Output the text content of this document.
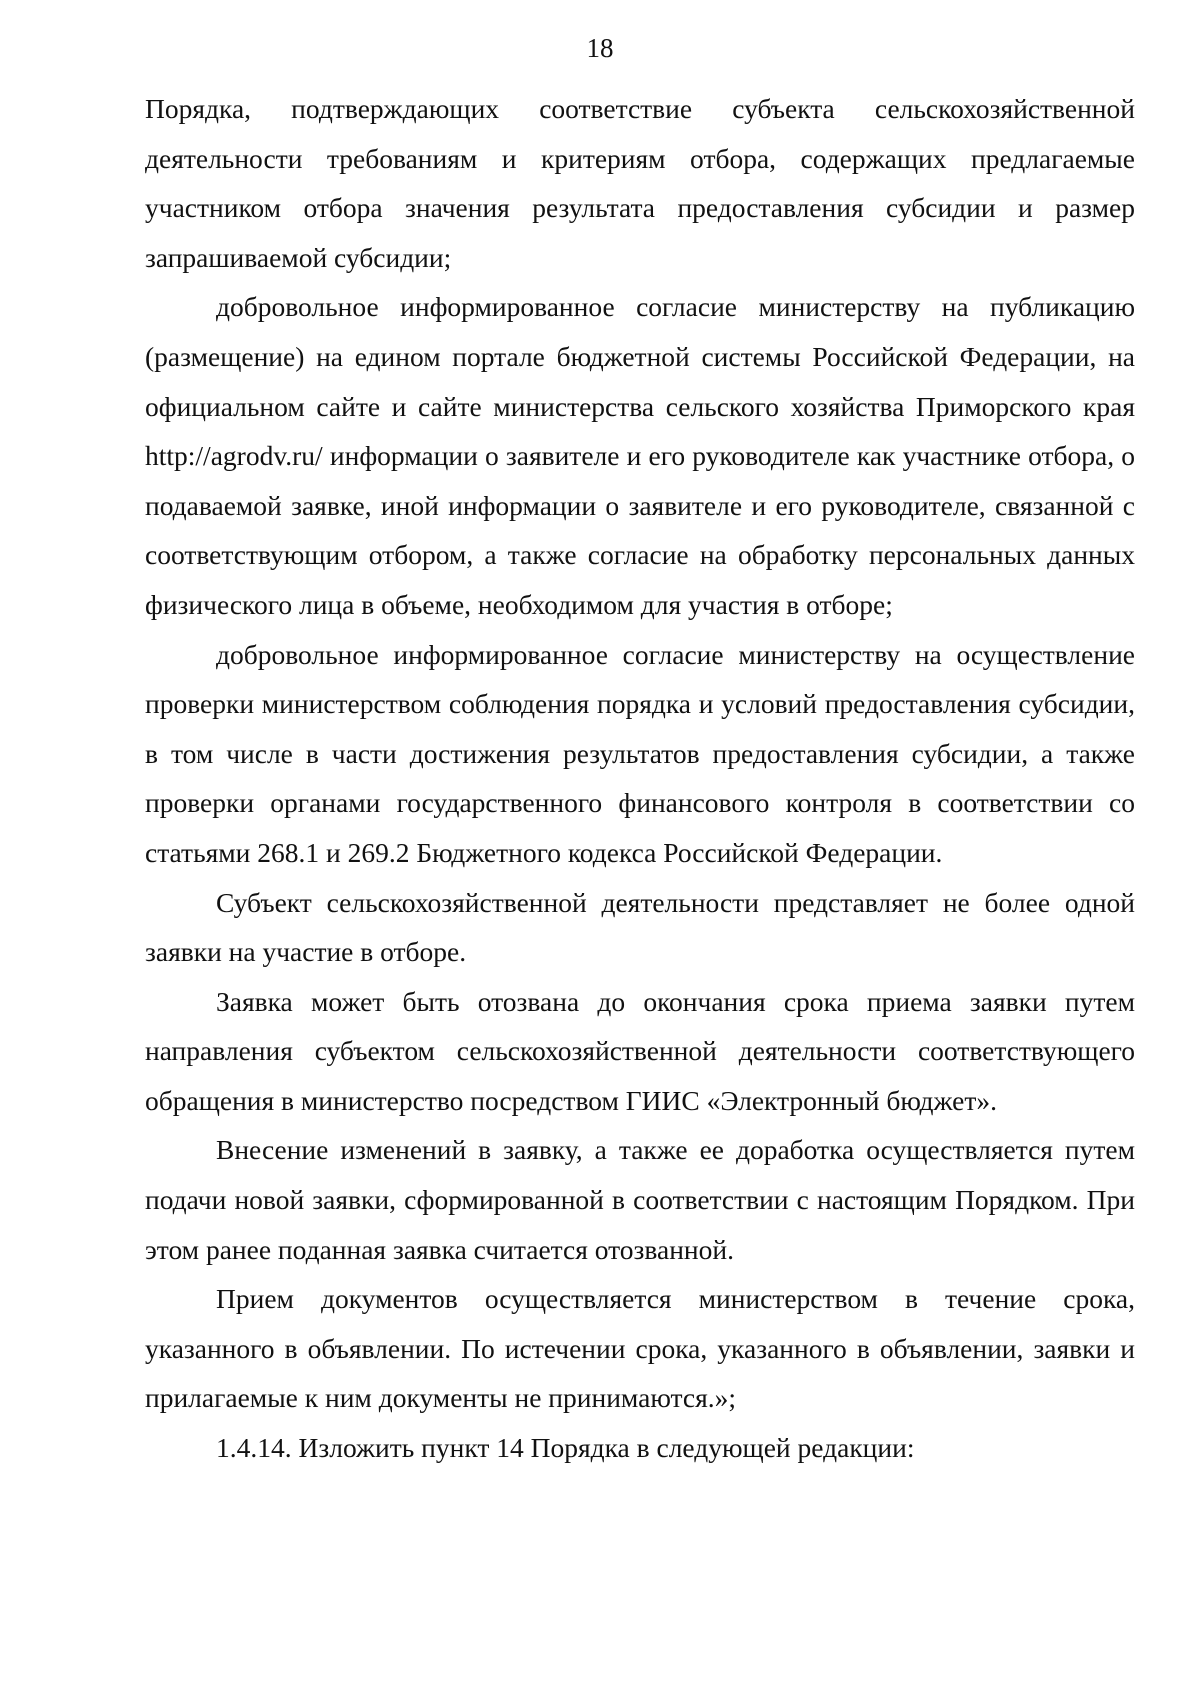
18

Порядка, подтверждающих соответствие субъекта сельскохозяйственной деятельности требованиям и критериям отбора, содержащих предлагаемые участником отбора значения результата предоставления субсидии и размер запрашиваемой субсидии;

добровольное информированное согласие министерству на публикацию (размещение) на едином портале бюджетной системы Российской Федерации, на официальном сайте и сайте министерства сельского хозяйства Приморского края http://agrodv.ru/ информации о заявителе и его руководителе как участнике отбора, о подаваемой заявке, иной информации о заявителе и его руководителе, связанной с соответствующим отбором, а также согласие на обработку персональных данных физического лица в объеме, необходимом для участия в отборе;

добровольное информированное согласие министерству на осуществление проверки министерством соблюдения порядка и условий предоставления субсидии, в том числе в части достижения результатов предоставления субсидии, а также проверки органами государственного финансового контроля в соответствии со статьями 268.1 и 269.2 Бюджетного кодекса Российской Федерации.

Субъект сельскохозяйственной деятельности представляет не более одной заявки на участие в отборе.

Заявка может быть отозвана до окончания срока приема заявки путем направления субъектом сельскохозяйственной деятельности соответствующего обращения в министерство посредством ГИИС «Электронный бюджет».

Внесение изменений в заявку, а также ее доработка осуществляется путем подачи новой заявки, сформированной в соответствии с настоящим Порядком. При этом ранее поданная заявка считается отозванной.

Прием документов осуществляется министерством в течение срока, указанного в объявлении. По истечении срока, указанного в объявлении, заявки и прилагаемые к ним документы не принимаются.»;

1.4.14. Изложить пункт 14 Порядка в следующей редакции:
